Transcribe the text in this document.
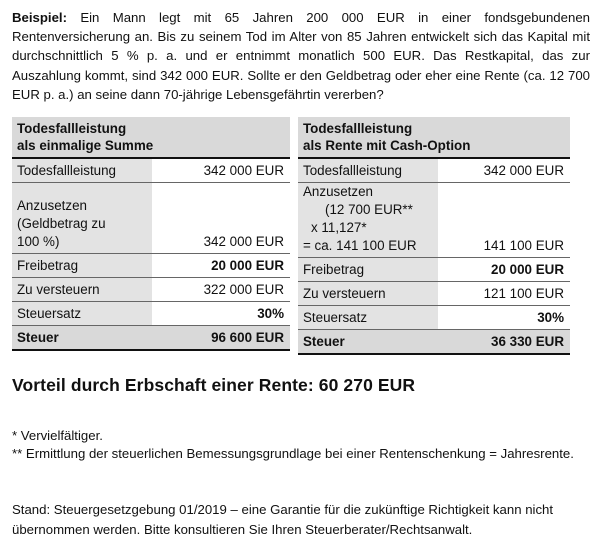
Beispiel: Ein Mann legt mit 65 Jahren 200 000 EUR in einer fondsgebundenen Rentenversicherung an. Bis zu seinem Tod im Alter von 85 Jahren entwickelt sich das Kapital mit durchschnittlich 5 % p. a. und er entnimmt monatlich 500 EUR. Das Restkapital, das zur Auszahlung kommt, sind 342 000 EUR. Sollte er den Geldbetrag oder eher eine Rente (ca. 12 700 EUR p. a.) an seine dann 70-jährige Lebensgefährtin vererben?

Todesfallleistung
als einmalige Summe	
Todesfallleistung	342 000 EUR
Anzusetzen
(Geldbetrag zu
100 %)	342 000 EUR
Freibetrag	20 000 EUR
Zu versteuern	322 000 EUR
Steuersatz	30%
Steuer	96 600 EUR
Todesfallleistung
als Rente mit Cash-Option	
Todesfallleistung	342 000 EUR
Anzusetzen

(12 700 EUR**
x 11,127*
= ca. 141 100 EUR	141 100 EUR
Freibetrag	20 000 EUR
Zu versteuern	121 100 EUR
Steuersatz	30%
Steuer	36 330 EUR

Vorteil durch Erbschaft einer Rente: 60 270 EUR

* Vervielfältiger.

** Ermittlung der steuerlichen Bemessungsgrundlage bei einer Rentenschenkung = Jahresrente.

Stand: Steuergesetzgebung 01/2019 – eine Garantie für die zukünftige Richtigkeit kann nicht übernommen werden. Bitte konsultieren Sie Ihren Steuerberater/Rechtsanwalt.
